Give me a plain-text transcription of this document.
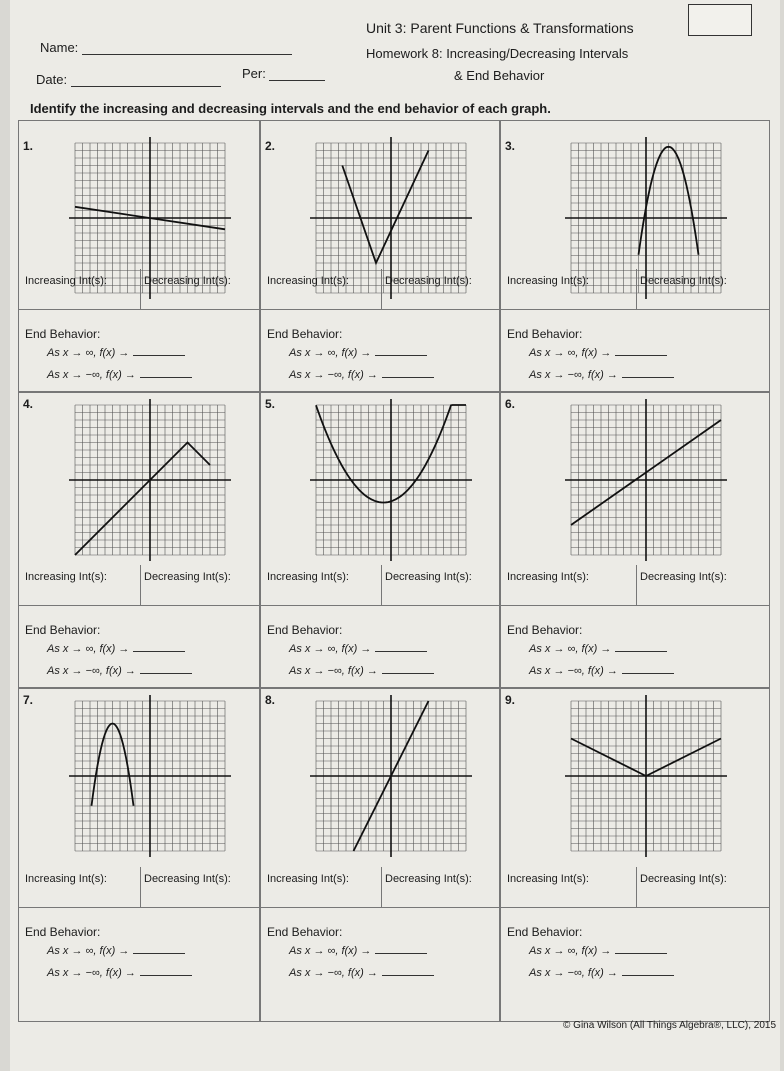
Name:
Date:	Per:
Unit 3: Parent Functions & Transformations
Homework 8: Increasing/Decreasing Intervals
& End Behavior
Identify the increasing and decreasing intervals and the end behavior of each graph.
1.
Increasing Int(s):	Decreasing Int(s):
End Behavior:
As x → ∞, f(x) →
As x → −∞, f(x) →
2.
Increasing Int(s):	Decreasing Int(s):
End Behavior:
As x → ∞, f(x) →
As x → −∞, f(x) →
3.
Increasing Int(s):	Decreasing Int(s):
End Behavior:
As x → ∞, f(x) →
As x → −∞, f(x) →
4.
Increasing Int(s):	Decreasing Int(s):
End Behavior:
As x → ∞, f(x) →
As x → −∞, f(x) →
5.
Increasing Int(s):	Decreasing Int(s):
End Behavior:
As x → ∞, f(x) →
As x → −∞, f(x) →
6.
Increasing Int(s):	Decreasing Int(s):
End Behavior:
As x → ∞, f(x) →
As x → −∞, f(x) →
7.
Increasing Int(s):	Decreasing Int(s):
End Behavior:
As x → ∞, f(x) →
As x → −∞, f(x) →
8.
Increasing Int(s):	Decreasing Int(s):
End Behavior:
As x → ∞, f(x) →
As x → −∞, f(x) →
9.
Increasing Int(s):	Decreasing Int(s):
End Behavior:
As x → ∞, f(x) →
As x → −∞, f(x) →
© Gina Wilson (All Things Algebra®, LLC), 2015
